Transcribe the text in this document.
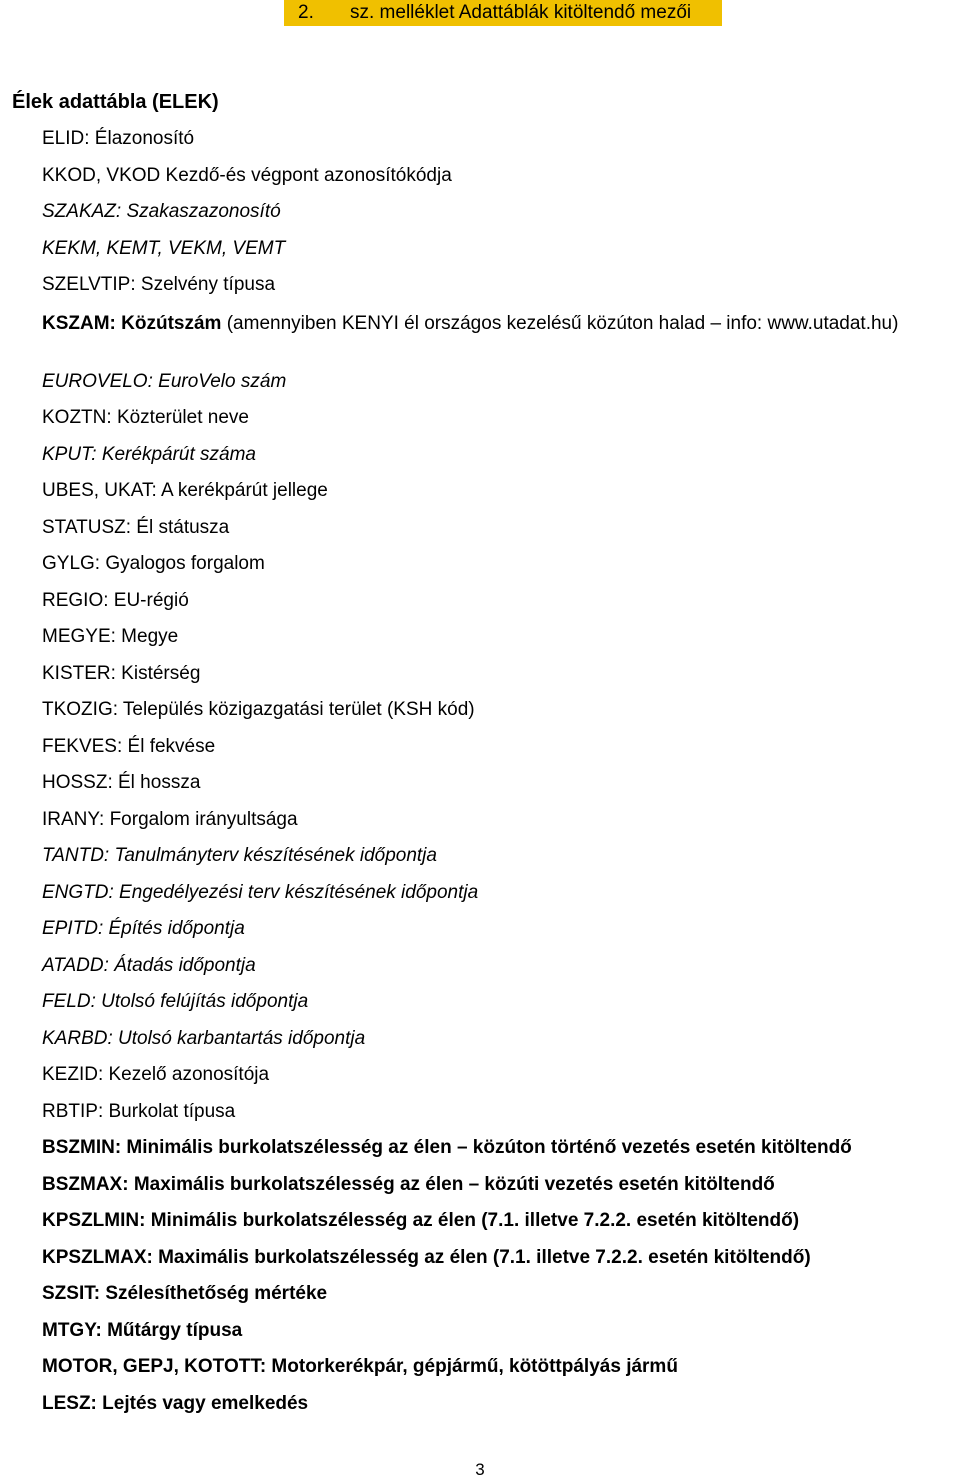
2.

sz. melléklet Adattáblák kitöltendő mezői

Élek adattábla (ELEK)
ELID: Élazonosító
KKOD, VKOD Kezdő-és végpont azonosítókódja
SZAKAZ: Szakaszazonosító
KEKM, KEMT, VEKM, VEMT
SZELVTIP: Szelvény típusa
KSZAM: Közútszám (amennyiben KENYI él országos kezelésű közúton halad – info: www.utadat.hu)
EUROVELO: EuroVelo szám
KOZTN: Közterület neve
KPUT: Kerékpárút száma
UBES, UKAT: A kerékpárút jellege
STATUSZ: Él státusza
GYLG: Gyalogos forgalom
REGIO: EU-régió
MEGYE: Megye
KISTER: Kistérség
TKOZIG: Település közigazgatási terület (KSH kód)
FEKVES: Él fekvése
HOSSZ: Él hossza
IRANY: Forgalom irányultsága
TANTD: Tanulmányterv készítésének időpontja
ENGTD: Engedélyezési terv készítésének időpontja
EPITD: Építés időpontja
ATADD: Átadás időpontja
FELD: Utolsó felújítás időpontja
KARBD: Utolsó karbantartás időpontja
KEZID: Kezelő azonosítója
RBTIP: Burkolat típusa
BSZMIN: Minimális burkolatszélesség az élen – közúton történő vezetés esetén kitöltendő
BSZMAX: Maximális burkolatszélesség az élen – közúti vezetés esetén kitöltendő
KPSZLMIN: Minimális burkolatszélesség az élen (7.1. illetve 7.2.2. esetén kitöltendő)
KPSZLMAX: Maximális burkolatszélesség az élen (7.1. illetve 7.2.2. esetén kitöltendő)
SZSIT: Szélesíthetőség mértéke
MTGY: Műtárgy típusa
MOTOR, GEPJ, KOTOTT: Motorkerékpár, gépjármű, kötöttpályás jármű
LESZ: Lejtés vagy emelkedés
3
